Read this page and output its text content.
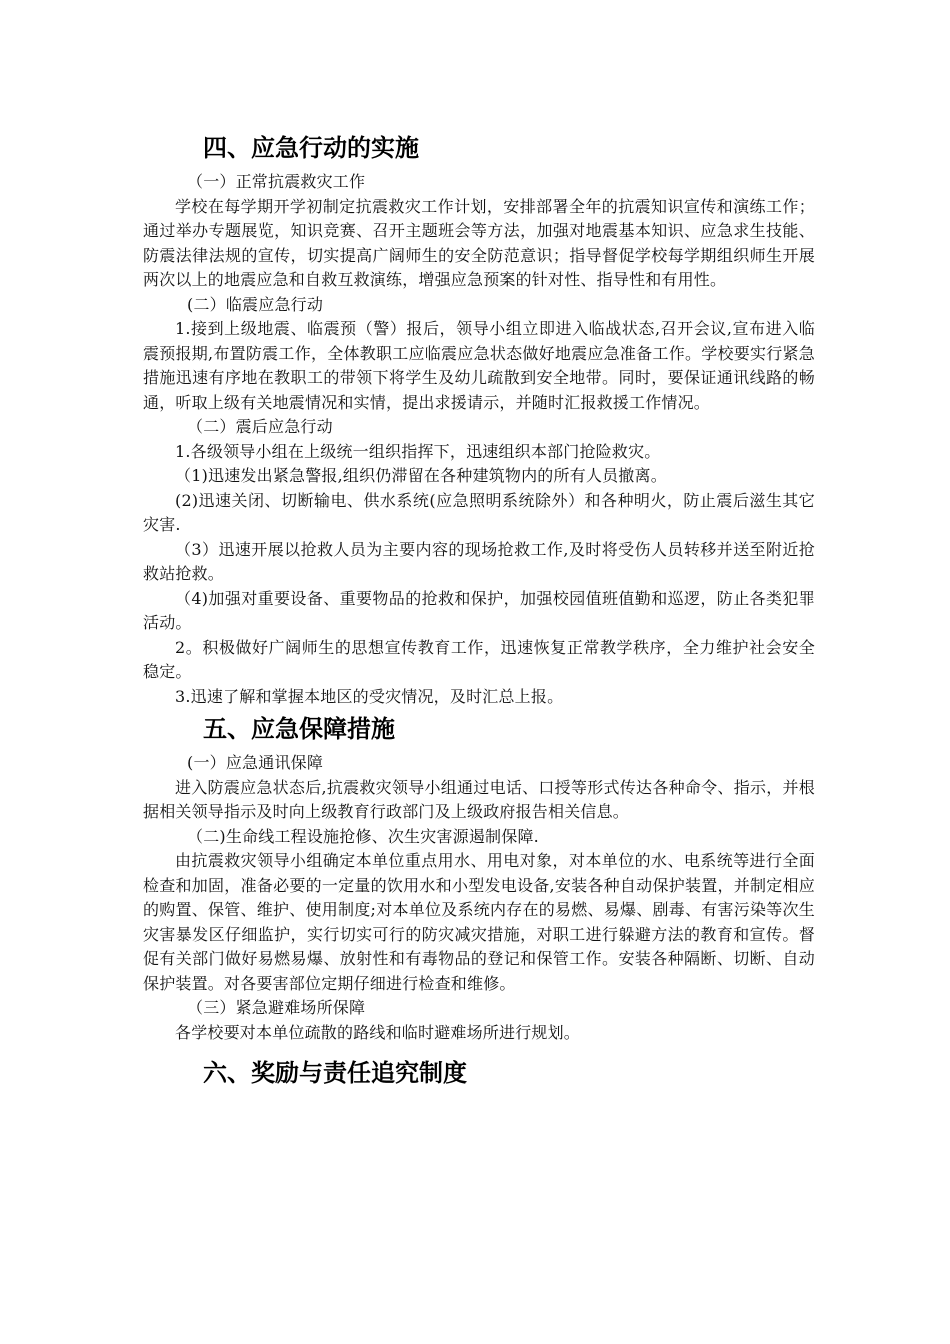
四、应急行动的实施

（一）正常抗震救灾工作

学校在每学期开学初制定抗震救灾工作计划，安排部署全年的抗震知识宣传和演练工作；通过举办专题展览，知识竞赛、召开主题班会等方法，加强对地震基本知识、应急求生技能、防震法律法规的宣传，切实提高广阔师生的安全防范意识；指导督促学校每学期组织师生开展两次以上的地震应急和自救互救演练，增强应急预案的针对性、指导性和有用性。

(二）临震应急行动

1.接到上级地震、临震预（警）报后，领导小组立即进入临战状态,召开会议,宣布进入临震预报期,布置防震工作，全体教职工应临震应急状态做好地震应急准备工作。学校要实行紧急措施迅速有序地在教职工的带领下将学生及幼儿疏散到安全地带。同时，要保证通讯线路的畅通，听取上级有关地震情况和实情，提出求援请示，并随时汇报救援工作情况。

（二）震后应急行动

1.各级领导小组在上级统一组织指挥下，迅速组织本部门抢险救灾。

（1)迅速发出紧急警报,组织仍滞留在各种建筑物内的所有人员撤离。

(2)迅速关闭、切断输电、供水系统(应急照明系统除外）和各种明火，防止震后滋生其它灾害.

（3）迅速开展以抢救人员为主要内容的现场抢救工作,及时将受伤人员转移并送至附近抢救站抢救。

（4)加强对重要设备、重要物品的抢救和保护，加强校园值班值勤和巡逻，防止各类犯罪活动。

2。积极做好广阔师生的思想宣传教育工作，迅速恢复正常教学秩序，全力维护社会安全稳定。

3.迅速了解和掌握本地区的受灾情况，及时汇总上报。

五、应急保障措施

(一）应急通讯保障

进入防震应急状态后,抗震救灾领导小组通过电话、口授等形式传达各种命令、指示，并根据相关领导指示及时向上级教育行政部门及上级政府报告相关信息。

（二)生命线工程设施抢修、次生灾害源遏制保障.

由抗震救灾领导小组确定本单位重点用水、用电对象，对本单位的水、电系统等进行全面检查和加固，准备必要的一定量的饮用水和小型发电设备,安装各种自动保护装置，并制定相应的购置、保管、维护、使用制度;对本单位及系统内存在的易燃、易爆、剧毒、有害污染等次生灾害暴发区仔细监护，实行切实可行的防灾减灾措施，对职工进行躲避方法的教育和宣传。督促有关部门做好易燃易爆、放射性和有毒物品的登记和保管工作。安装各种隔断、切断、自动保护装置。对各要害部位定期仔细进行检查和维修。

（三）紧急避难场所保障

各学校要对本单位疏散的路线和临时避难场所进行规划。

六、奖励与责任追究制度
